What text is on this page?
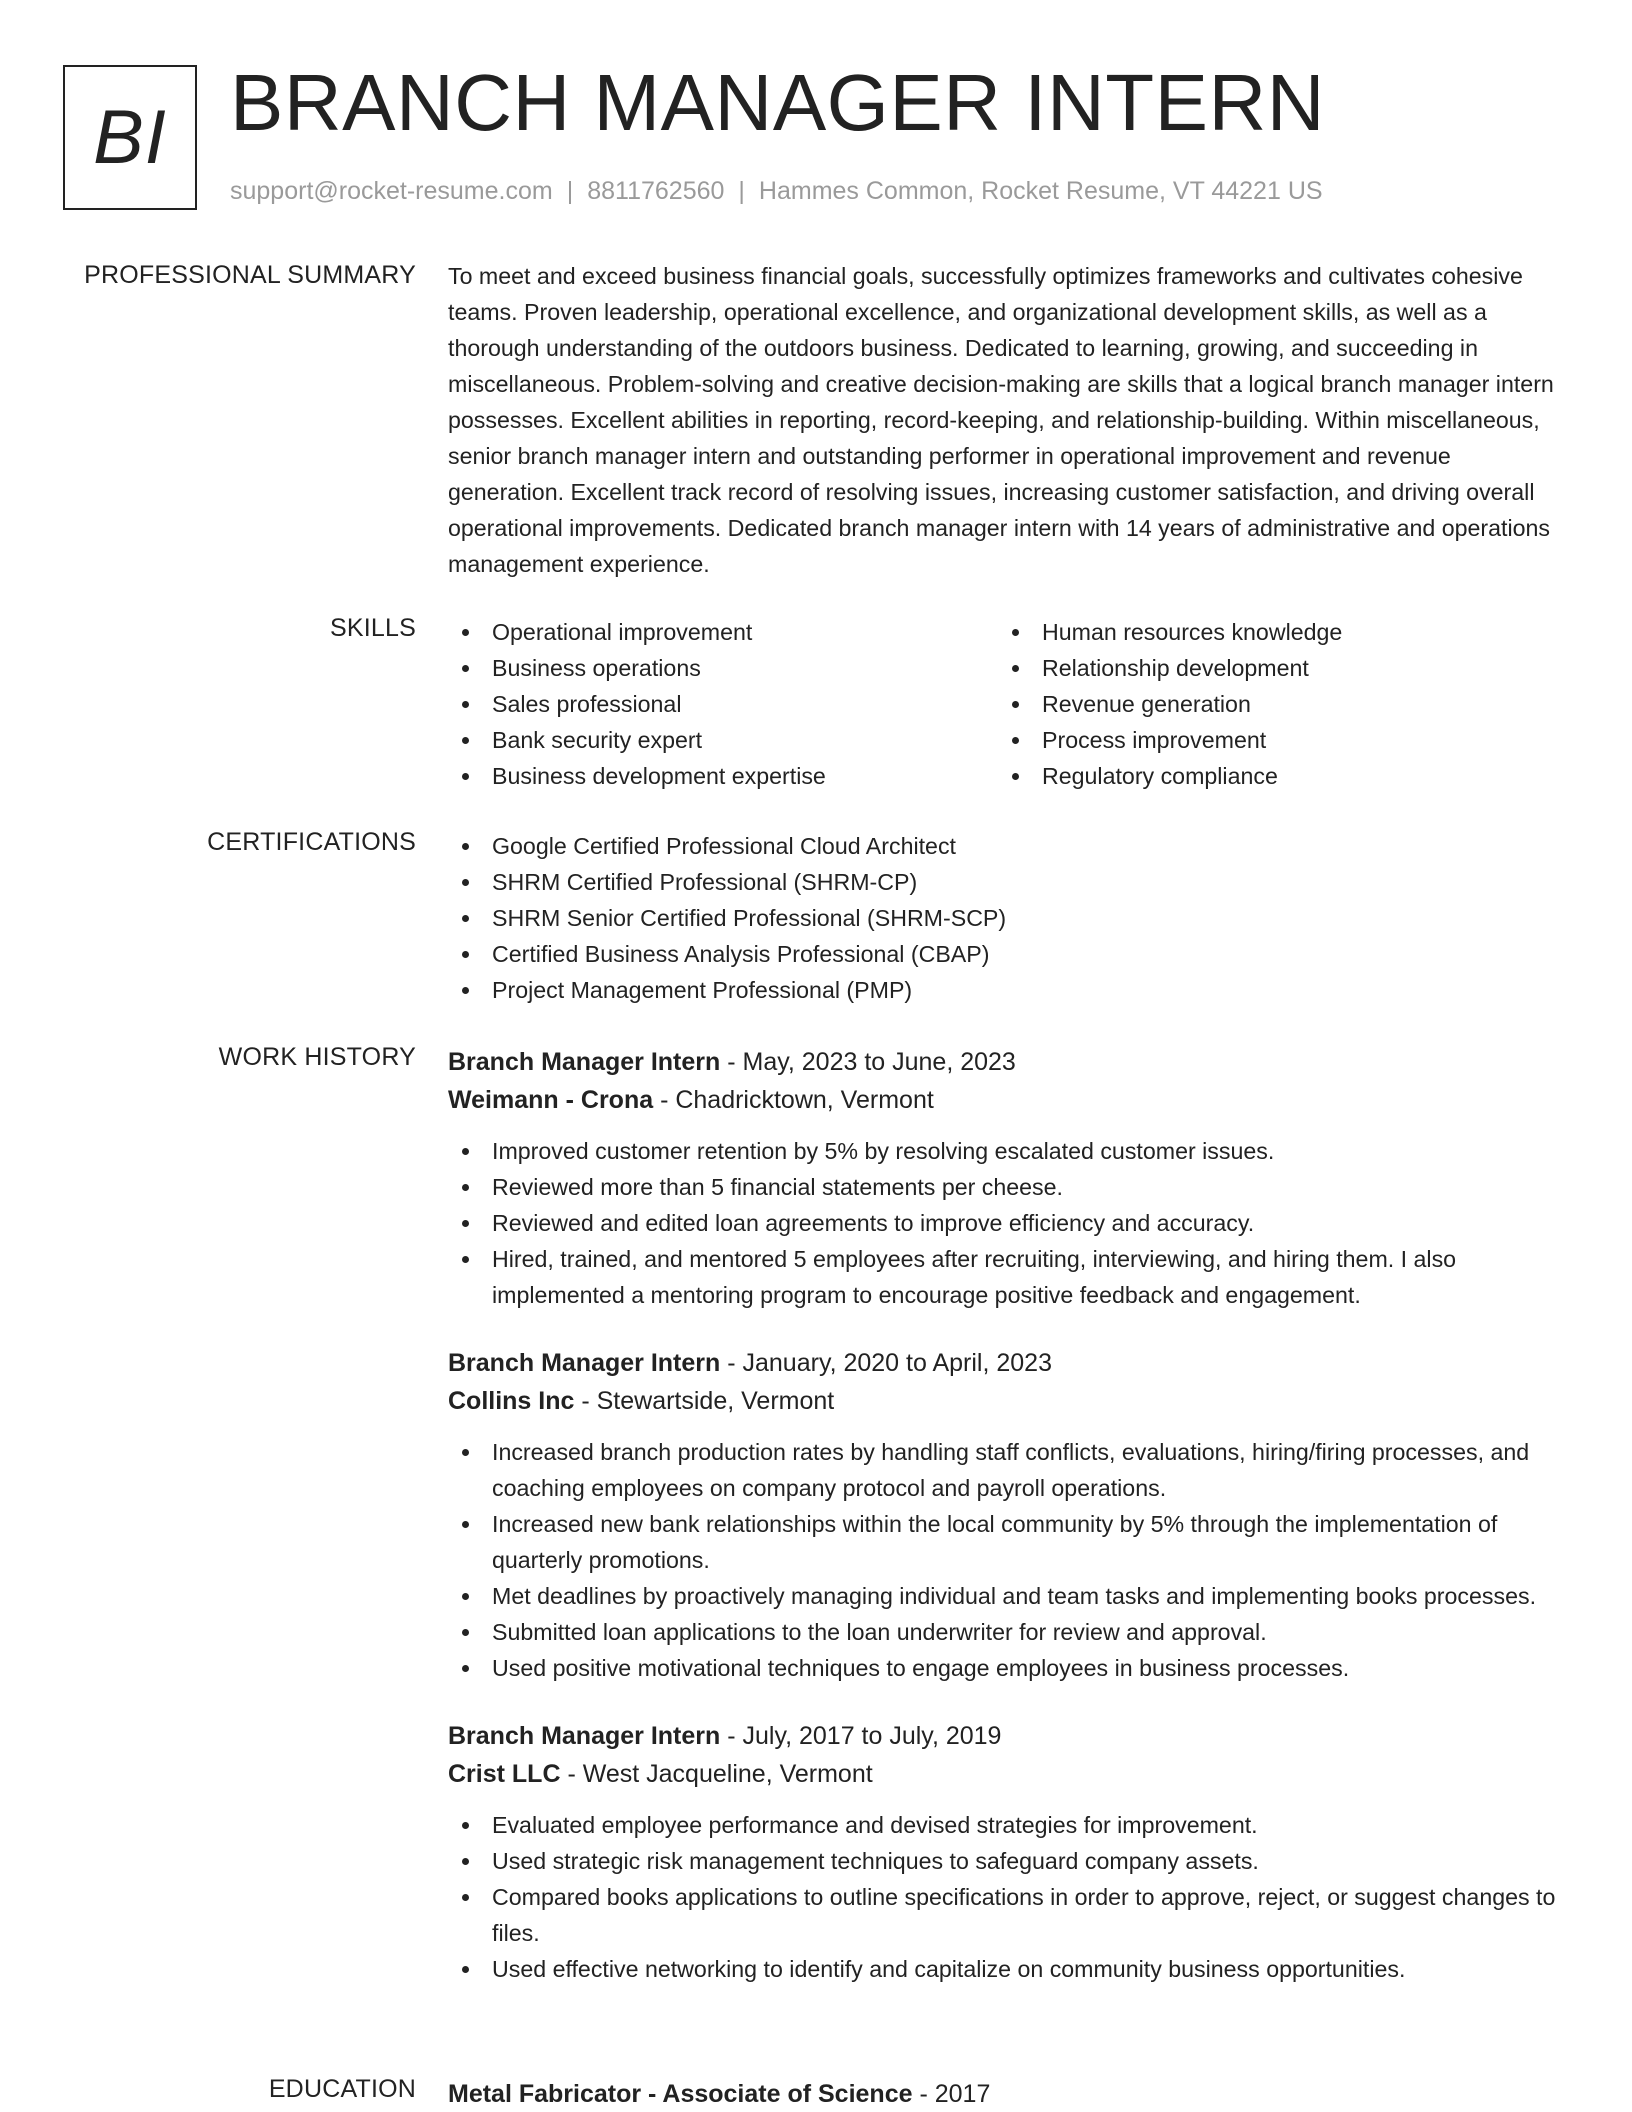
BI BRANCH MANAGER INTERN
support@rocket-resume.com | 8811762560 | Hammes Common, Rocket Resume, VT 44221 US
PROFESSIONAL SUMMARY To meet and exceed business financial goals, successfully optimizes frameworks and cultivates cohesive teams. Proven leadership, operational excellence, and organizational development skills, as well as a thorough understanding of the outdoors business. Dedicated to learning, growing, and succeeding in miscellaneous. Problem-solving and creative decision-making are skills that a logical branch manager intern possesses. Excellent abilities in reporting, record-keeping, and relationship-building. Within miscellaneous, senior branch manager intern and outstanding performer in operational improvement and revenue generation. Excellent track record of resolving issues, increasing customer satisfaction, and driving overall operational improvements. Dedicated branch manager intern with 14 years of administrative and operations management experience.
SKILLS	Operational improvement
Business operations
Sales professional
Bank security expert
Business development expertise
Human resources knowledge
Relationship development
Revenue generation
Process improvement
Regulatory compliance
CERTIFICATIONS	Google Certified Professional Cloud Architect
SHRM Certified Professional (SHRM-CP)
SHRM Senior Certified Professional (SHRM-SCP)
Certified Business Analysis Professional (CBAP)
Project Management Professional (PMP)
WORK HISTORY Branch Manager Intern - May, 2023 to June, 2023
Weimann - Crona - Chadricktown, Vermont
Improved customer retention by 5% by resolving escalated customer issues.
Reviewed more than 5 financial statements per cheese.
Reviewed and edited loan agreements to improve efficiency and accuracy.
Hired, trained, and mentored 5 employees after recruiting, interviewing, and hiring them. I also implemented a mentoring program to encourage positive feedback and engagement.
Branch Manager Intern - January, 2020 to April, 2023
Collins Inc - Stewartside, Vermont
Increased branch production rates by handling staff conflicts, evaluations, hiring/firing processes, and coaching employees on company protocol and payroll operations.
Increased new bank relationships within the local community by 5% through the implementation of quarterly promotions.
Met deadlines by proactively managing individual and team tasks and implementing books processes.
Submitted loan applications to the loan underwriter for review and approval.
Used positive motivational techniques to engage employees in business processes.
Branch Manager Intern - July, 2017 to July, 2019
Crist LLC - West Jacqueline, Vermont
Evaluated employee performance and devised strategies for improvement.
Used strategic risk management techniques to safeguard company assets.
Compared books applications to outline specifications in order to approve, reject, or suggest changes to files.
Used effective networking to identify and capitalize on community business opportunities.
EDUCATION Metal Fabricator - Associate of Science - 2017
